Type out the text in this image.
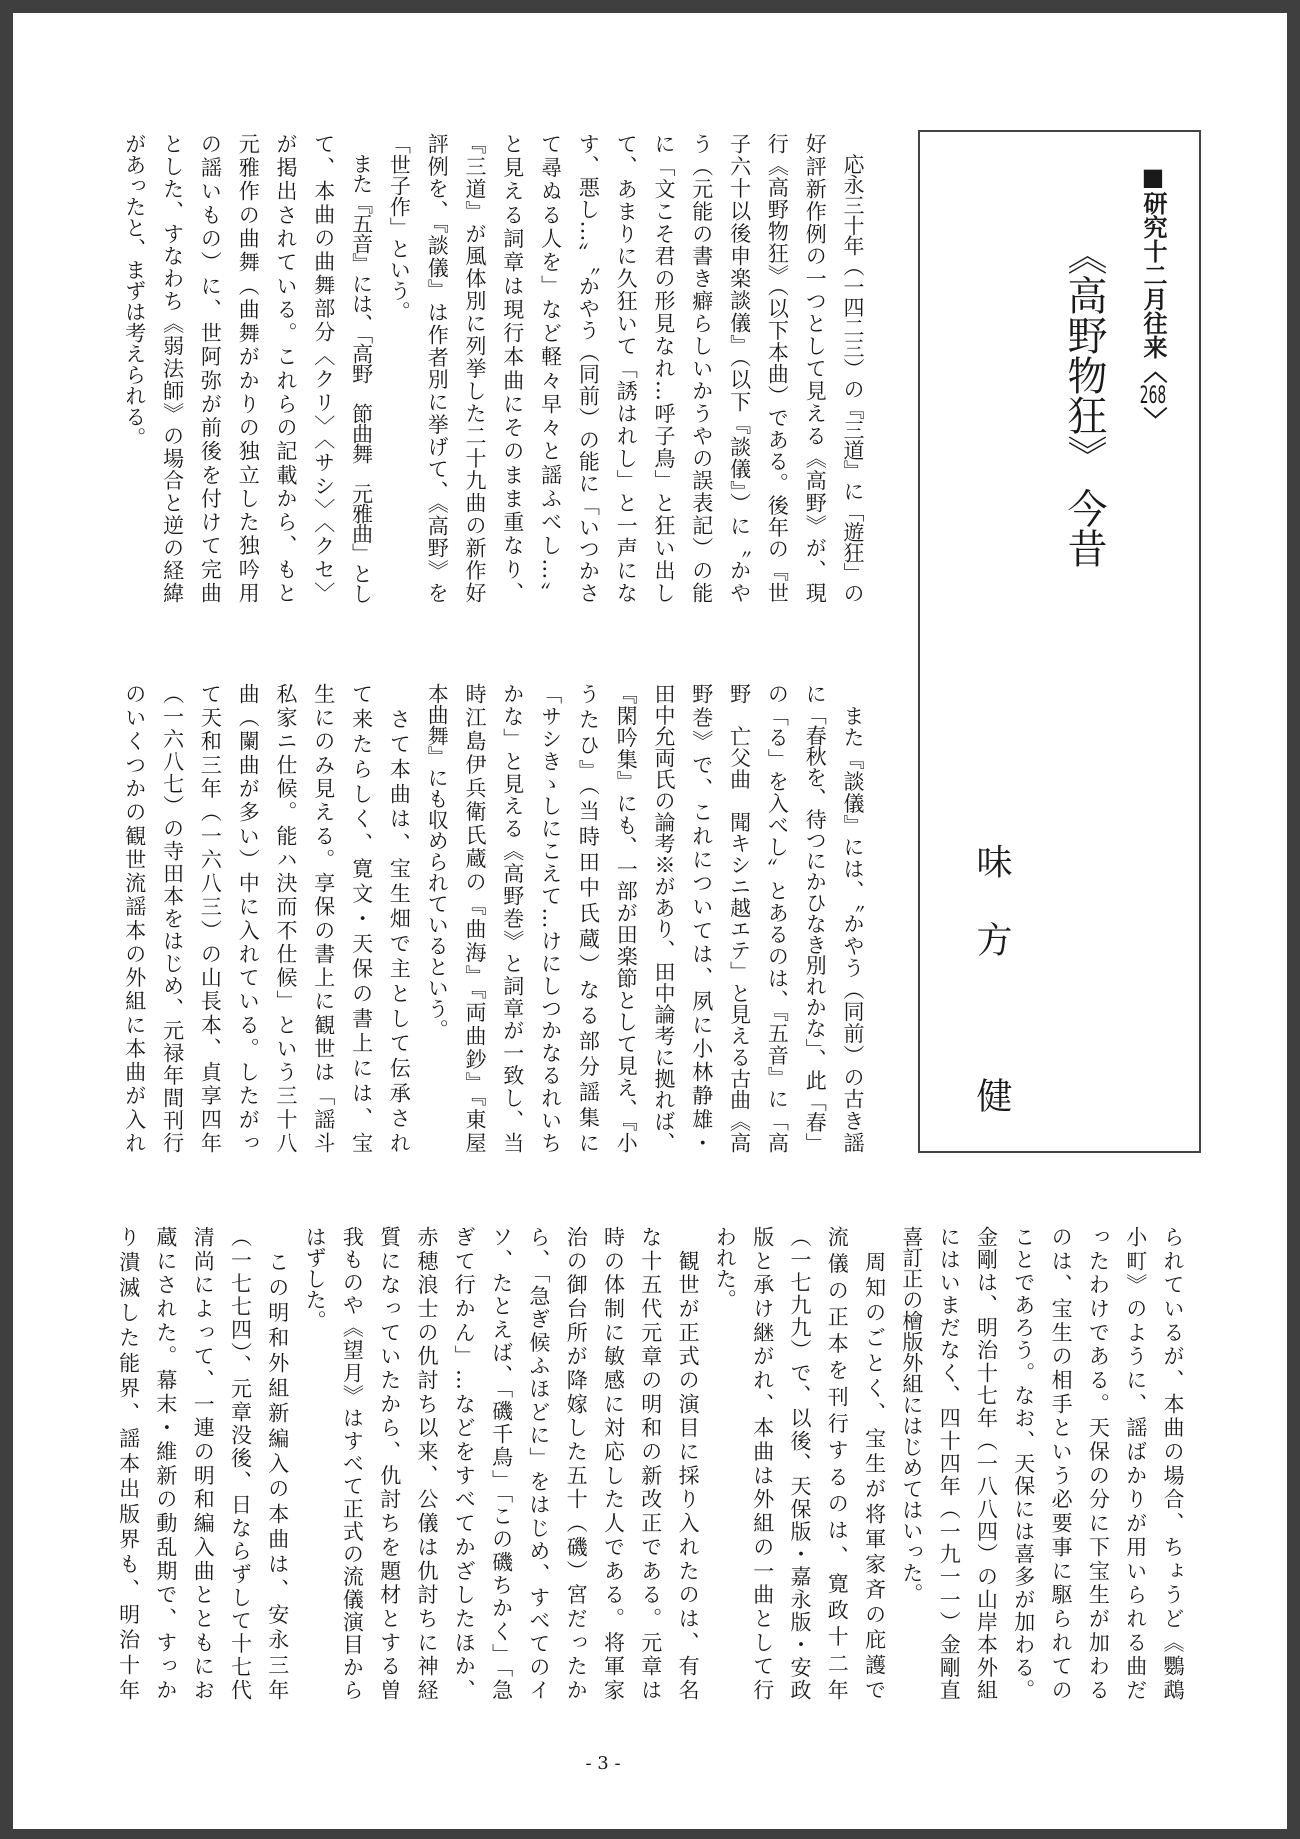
■研究十二月往来〈268〉
《高野物狂》 今昔
味方　健
　応永三十年（一四二三）の『三道』に「遊狂」の
好評新作例の一つとして見える《高野》が、現
行《高野物狂》（以下本曲）である。後年の『世
子六十以後申楽談儀』（以下『談儀』）に〝かや
う（元能の書き癖らしいかうやの誤表記）の能
に「文こそ君の形見なれ…呼子鳥」と狂い出し
て、あまりに久狂いて「誘はれし」と一声にな
す、悪し…〟〝かやう（同前）の能に「いつかさ
て尋ぬる人を」など軽々早々と謡ふべし…〟
と見える詞章は現行本曲にそのまま重なり、
『三道』が風体別に列挙した二十九曲の新作好
評例を、『談儀』は作者別に挙げて、《高野》を
「世子作」という。
　また『五音』には、「高野　節曲舞　元雅曲」とし
て、本曲の曲舞部分〈クリ〉〈サシ〉〈クセ〉
が掲出されている。これらの記載から、もと
元雅作の曲舞（曲舞がかりの独立した独吟用
の謡いもの）に、世阿弥が前後を付けて完曲
とした、すなわち《弱法師》の場合と逆の経緯
があったと、まずは考えられる。
　また『談儀』には、〝かやう（同前）の古き謡
に「春秋を、待つにかひなき別れかな」、此「春」
の「る」を入べし〟とあるのは、『五音』に「高
野　亡父曲　聞キシニ越エテ」と見える古曲《高
野巻》で、これについては、夙に小林静雄・
田中允両氏の論考※があり、田中論考に拠れば、
『閑吟集』にも、一部が田楽節として見え、『小
うたひ』（当時田中氏蔵）なる部分謡集に
「サシきゝしにこえて…けにしつかなるれいち
かな」と見える《高野巻》と詞章が一致し、当
時江島伊兵衛氏蔵の『曲海』『両曲鈔』『東屋
本曲舞』にも収められているという。
　さて本曲は、宝生畑で主として伝承され
て来たらしく、寛文・天保の書上には、宝
生にのみ見える。享保の書上に観世は「謡斗
私家ニ仕候。能ハ決而不仕候」という三十八
曲（闌曲が多い）中に入れている。したがっ
て天和三年（一六八三）の山長本、貞享四年
（一六八七）の寺田本をはじめ、元禄年間刊行
のいくつかの観世流謡本の外組に本曲が入れ
られているが、本曲の場合、ちょうど《鸚鵡
小町》のように、謡ばかりが用いられる曲だ
ったわけである。天保の分に下宝生が加わる
のは、宝生の相手という必要事に駆られての
ことであろう。なお、天保には喜多が加わる。
金剛は、明治十七年（一八八四）の山岸本外組
にはいまだなく、四十四年（一九一一）金剛直
喜訂正の檜版外組にはじめてはいった。
　周知のごとく、宝生が将軍家斉の庇護で
流儀の正本を刊行するのは、寛政十二年
（一七九九）で、以後、天保版・嘉永版・安政
版と承け継がれ、本曲は外組の一曲として行
われた。
　観世が正式の演目に採り入れたのは、有名
な十五代元章の明和の新改正である。元章は
時の体制に敏感に対応した人である。将軍家
治の御台所が降嫁した五十（磯）宮だったか
ら、「急ぎ候ふほどに」をはじめ、すべてのイ
ソ、たとえば、「磯千鳥」「この磯ちかく」「急
ぎて行かん」…などをすべてかざしたほか、
赤穂浪士の仇討ち以来、公儀は仇討ちに神経
質になっていたから、仇討ちを題材とする曽
我ものや《望月》はすべて正式の流儀演目から
はずした。
　この明和外組新編入の本曲は、安永三年
（一七七四）、元章没後、日ならずして十七代
清尚によって、一連の明和編入曲とともにお
蔵にされた。幕末・維新の動乱期で、すっか
り潰滅した能界、謡本出版界も、明治十年
- 3 -
